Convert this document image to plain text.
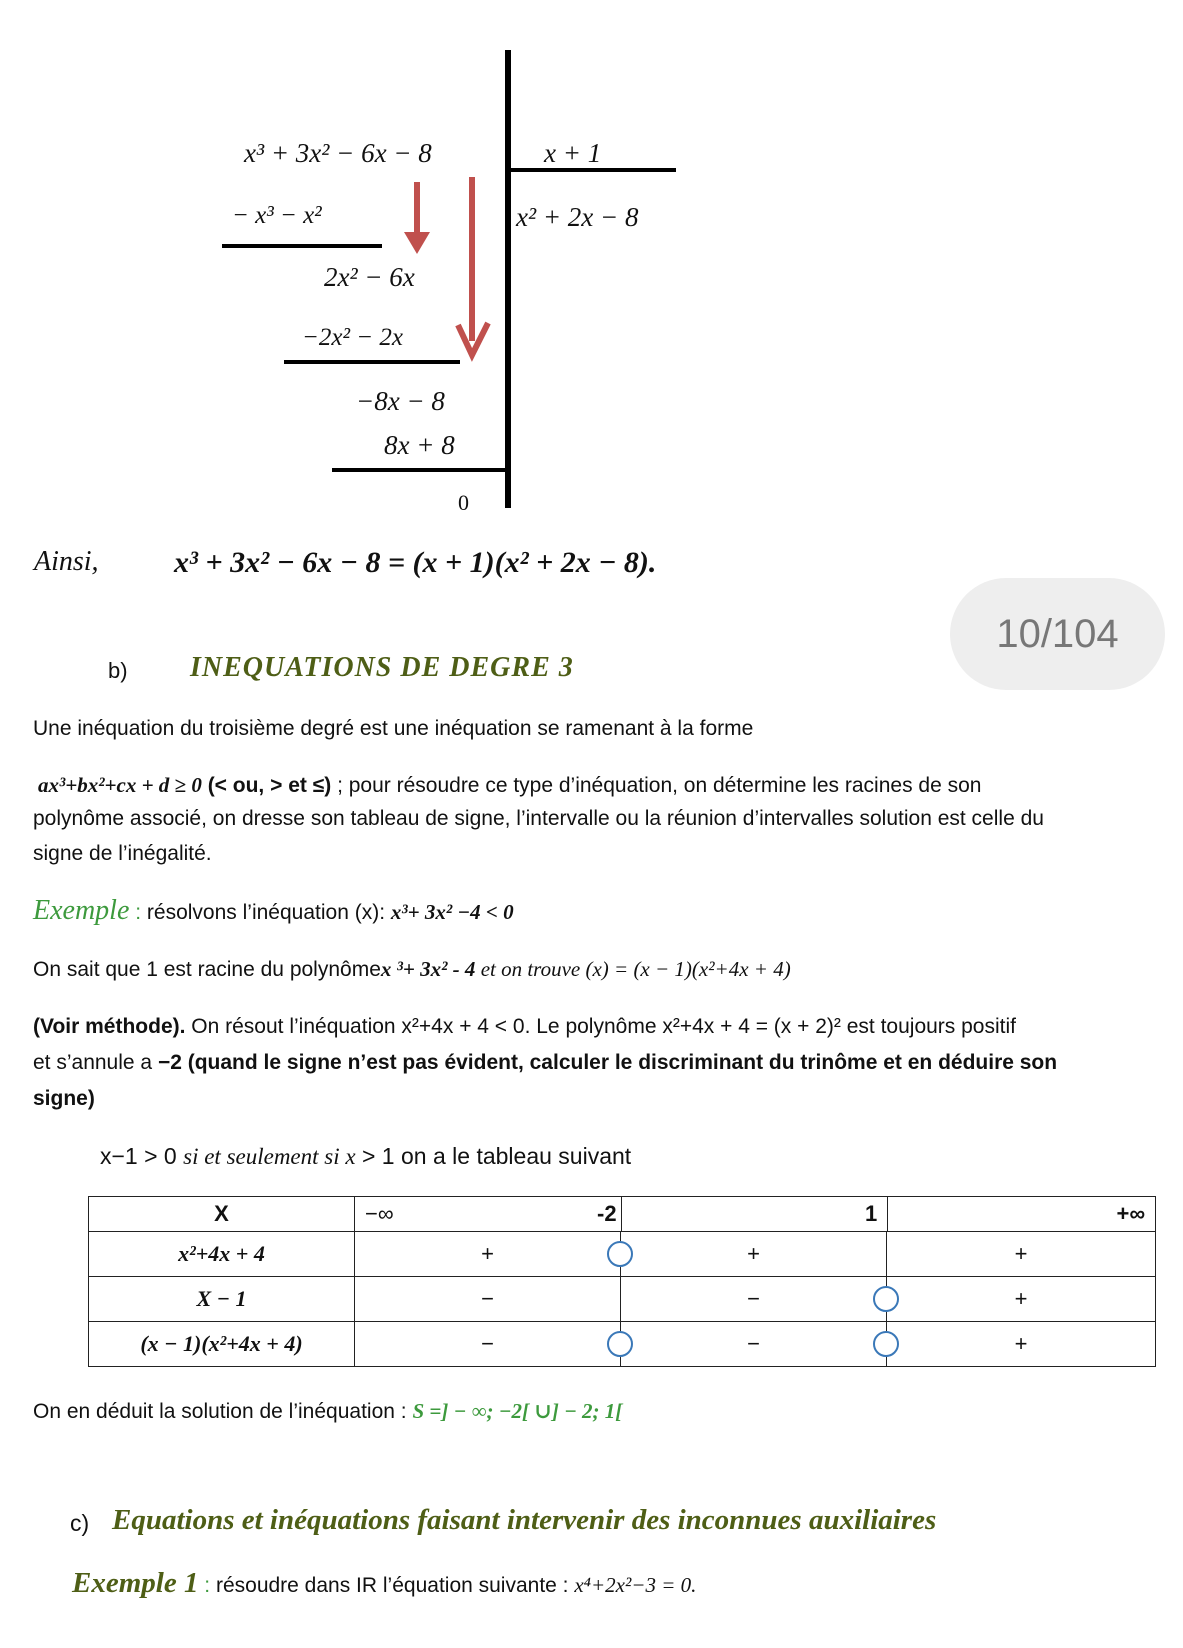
x³ + 3x² − 6x − 8	x + 1
x² + 2x − 8
− x³ − x²
2x² − 6x
−2x² − 2x
−8x − 8
8x + 8
0
Ainsi,	x³ + 3x² − 6x − 8 = (x + 1)(x² + 2x − 8).
10/104
b) INEQUATIONS DE DEGRE 3
Une inéquation du troisième degré est une inéquation se ramenant à la forme
ax³+bx²+cx + d ≥ 0 (< ou, > et ≤) ; pour résoudre ce type d’inéquation, on détermine les racines de son
polynôme associé, on dresse son tableau de signe, l’intervalle ou la réunion d’intervalles solution est celle du
signe de l’inégalité.
Exemple : résolvons l’inéquation (x): x³+ 3x² −4 < 0
On sait que 1 est racine du polynômex ³+ 3x² - 4 et on trouve (x) = (x − 1)(x²+4x + 4)
(Voir méthode). On résout l’inéquation x²+4x + 4 < 0. Le polynôme x²+4x + 4 = (x + 2)² est toujours positif
et s’annule a −2 (quand le signe n’est pas évident, calculer le discriminant du trinôme et en déduire son
signe)
x−1 > 0 si et seulement si x > 1 on a le tableau suivant
X	−∞ -2 1 +∞		

x²+4x + 4	+	+	+
X − 1	−	−	+
(x − 1)(x²+4x + 4)	−	−	+
On en déduit la solution de l’inéquation : S =] − ∞; −2[ ∪] − 2; 1[
c) Equations et inéquations faisant intervenir des inconnues auxiliaires
Exemple 1 : résoudre dans IR l’équation suivante : x⁴+2x²−3 = 0.
